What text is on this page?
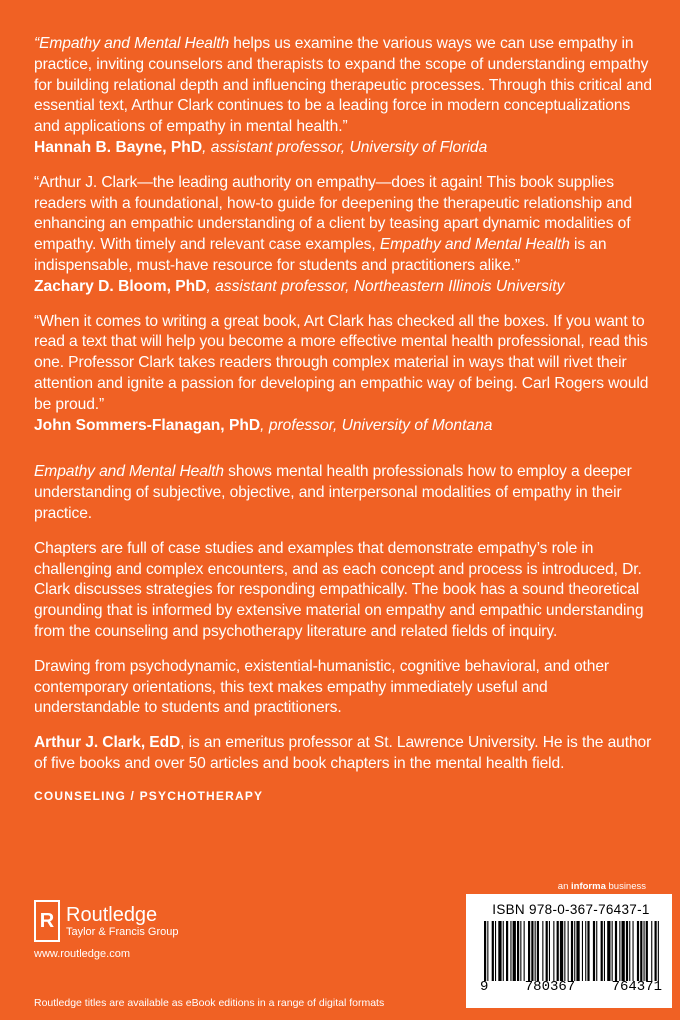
“Empathy and Mental Health helps us examine the various ways we can use empathy in practice, inviting counselors and therapists to expand the scope of understanding empathy for building relational depth and influencing therapeutic processes. Through this critical and essential text, Arthur Clark continues to be a leading force in modern conceptualizations and applications of empathy in mental health.”

Hannah B. Bayne, PhD, assistant professor, University of Florida

“Arthur J. Clark—the leading authority on empathy—does it again! This book supplies readers with a foundational, how-to guide for deepening the therapeutic relationship and enhancing an empathic understanding of a client by teasing apart dynamic modalities of empathy. With timely and relevant case examples, Empathy and Mental Health is an indispensable, must-have resource for students and practitioners alike.”

Zachary D. Bloom, PhD, assistant professor, Northeastern Illinois University

“When it comes to writing a great book, Art Clark has checked all the boxes. If you want to read a text that will help you become a more effective mental health professional, read this one. Professor Clark takes readers through complex material in ways that will rivet their attention and ignite a passion for developing an empathic way of being. Carl Rogers would be proud.”

John Sommers-Flanagan, PhD, professor, University of Montana

Empathy and Mental Health shows mental health professionals how to employ a deeper understanding of subjective, objective, and interpersonal modalities of empathy in their practice.

Chapters are full of case studies and examples that demonstrate empathy’s role in challenging and complex encounters, and as each concept and process is introduced, Dr. Clark discusses strategies for responding empathically. The book has a sound theoretical grounding that is informed by extensive material on empathy and empathic understanding from the counseling and psychotherapy literature and related fields of inquiry.

Drawing from psychodynamic, existential-humanistic, cognitive behavioral, and other contemporary orientations, this text makes empathy immediately useful and understandable to students and practitioners.

Arthur J. Clark, EdD, is an emeritus professor at St. Lawrence University. He is the author of five books and over 50 articles and book chapters in the mental health field.

COUNSELING / PSYCHOTHERAPY
an informa business
R Routledge
Taylor & Francis Group
www.routledge.com
Routledge titles are available as eBook editions in a range of digital formats
ISBN 978-0-367-76437-1
9	780367	764371
